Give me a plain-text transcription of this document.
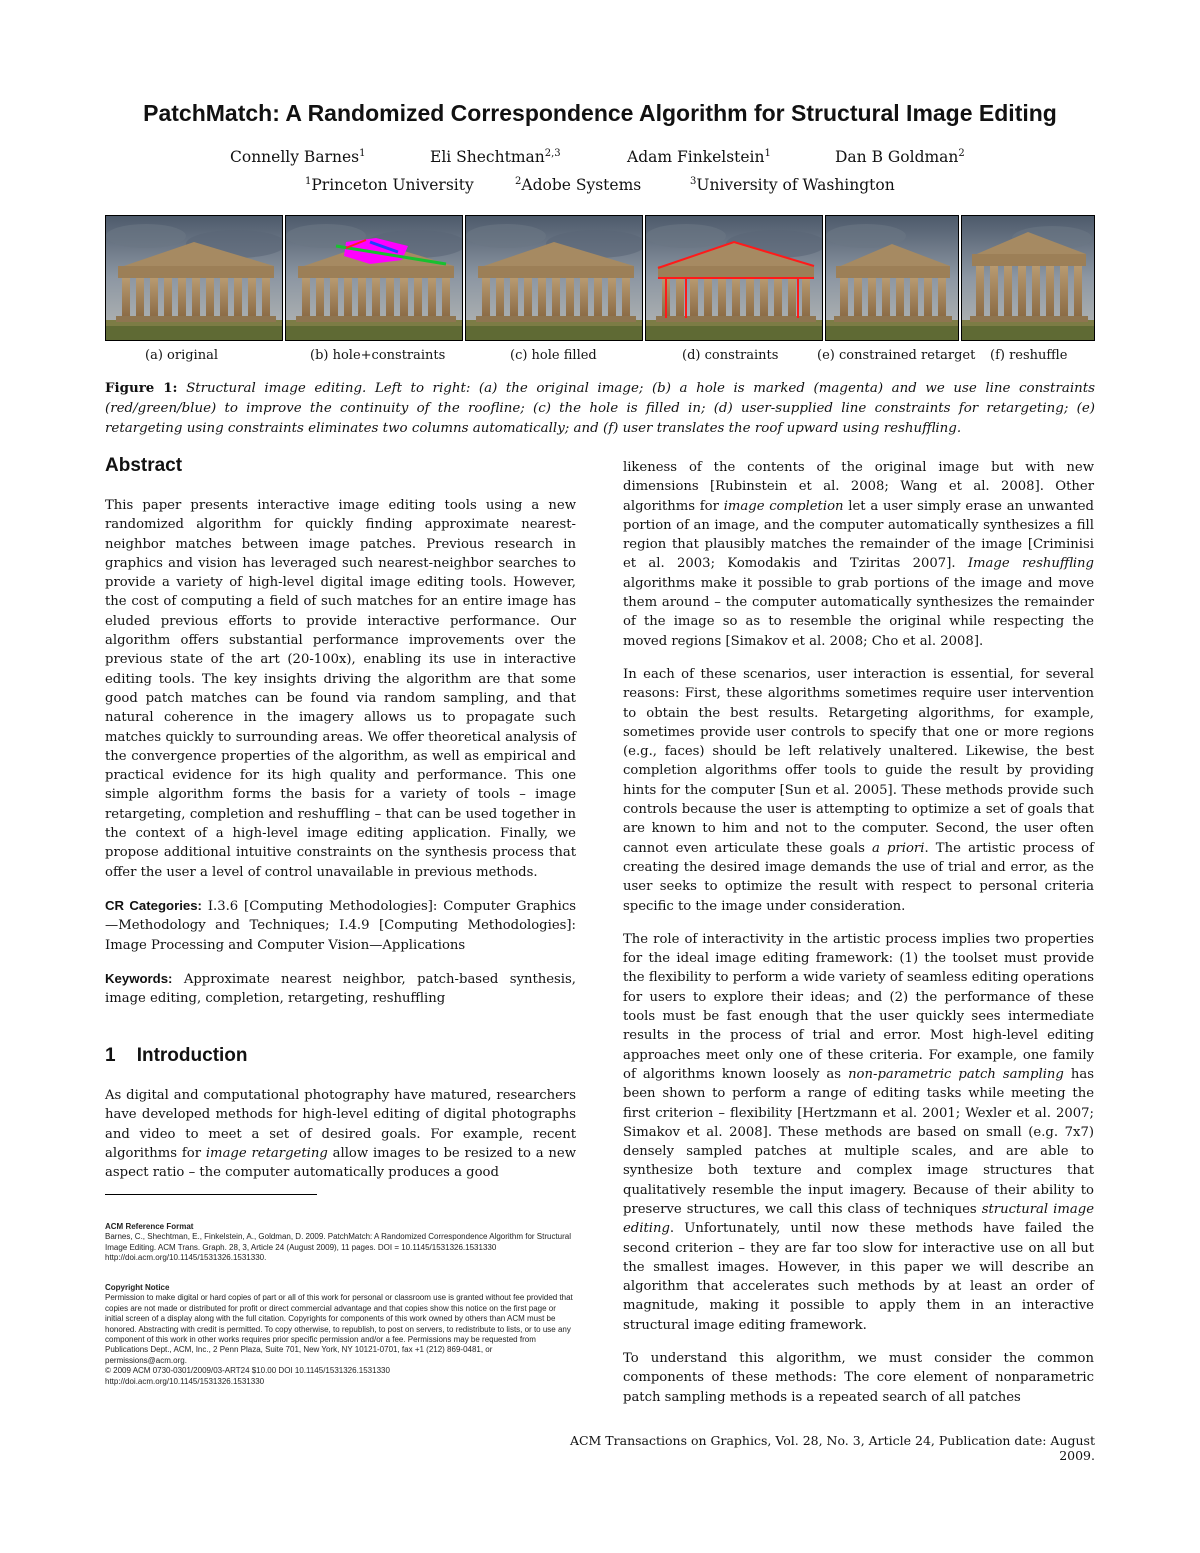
PatchMatch: A Randomized Correspondence Algorithm for Structural Image Editing
Connelly Barnes$^1$	Eli Shechtman$^{2,3}$	Adam Finkelstein$^1$	Dan B Goldman$^2$
$^1$Princeton University	$^2$Adobe Systems	$^3$University of Washington
(a) original	(b) hole+constraints	(c) hole filled	(d) constraints	(e) constrained retarget (f) reshuffle
Figure 1: Structural image editing. Left to right: (a) the original image; (b) a hole is marked (magenta) and we use line constraints (red/green/blue) to improve the continuity of the roofline; (c) the hole is filled in; (d) user-supplied line constraints for retargeting; (e) retargeting using constraints eliminates two columns automatically; and (f) user translates the roof upward using reshuffling.
Abstract

This paper presents interactive image editing tools using a new randomized algorithm for quickly finding approximate nearest-neighbor matches between image patches. Previous research in graphics and vision has leveraged such nearest-neighbor searches to provide a variety of high-level digital image editing tools. However, the cost of computing a field of such matches for an entire image has eluded previous efforts to provide interactive performance. Our algorithm offers substantial performance improvements over the previous state of the art (20-100x), enabling its use in interactive editing tools. The key insights driving the algorithm are that some good patch matches can be found via random sampling, and that natural coherence in the imagery allows us to propagate such matches quickly to surrounding areas. We offer theoretical analysis of the convergence properties of the algorithm, as well as empirical and practical evidence for its high quality and performance. This one simple algorithm forms the basis for a variety of tools – image retargeting, completion and reshuffling – that can be used together in the context of a high-level image editing application. Finally, we propose additional intuitive constraints on the synthesis process that offer the user a level of control unavailable in previous methods.

CR Categories: I.3.6 [Computing Methodologies]: Computer Graphics—Methodology and Techniques; I.4.9 [Computing Methodologies]: Image Processing and Computer Vision—Applications

Keywords: Approximate nearest neighbor, patch-based synthesis, image editing, completion, retargeting, reshuffling

1 Introduction

As digital and computational photography have matured, researchers have developed methods for high-level editing of digital photographs and video to meet a set of desired goals. For example, recent algorithms for image retargeting allow images to be resized to a new aspect ratio – the computer automatically produces a good

ACM Reference Format
Barnes, C., Shechtman, E., Finkelstein, A., Goldman, D. 2009. PatchMatch: A Randomized Correspondence Algorithm for Structural Image Editing. ACM Trans. Graph. 28, 3, Article 24 (August 2009), 11 pages. DOI = 10.1145/1531326.1531330 http://doi.acm.org/10.1145/1531326.1531330.
Copyright Notice
Permission to make digital or hard copies of part or all of this work for personal or classroom use is granted without fee provided that copies are not made or distributed for profit or direct commercial advantage and that copies show this notice on the first page or initial screen of a display along with the full citation. Copyrights for components of this work owned by others than ACM must be honored. Abstracting with credit is permitted. To copy otherwise, to republish, to post on servers, to redistribute to lists, or to use any component of this work in other works requires prior specific permission and/or a fee. Permissions may be requested from Publications Dept., ACM, Inc., 2 Penn Plaza, Suite 701, New York, NY 10121-0701, fax +1 (212) 869-0481, or permissions@acm.org.
© 2009 ACM 0730-0301/2009/03-ART24 $10.00 DOI 10.1145/1531326.1531330
http://doi.acm.org/10.1145/1531326.1531330

likeness of the contents of the original image but with new dimensions [Rubinstein et al. 2008; Wang et al. 2008]. Other algorithms for image completion let a user simply erase an unwanted portion of an image, and the computer automatically synthesizes a fill region that plausibly matches the remainder of the image [Criminisi et al. 2003; Komodakis and Tziritas 2007]. Image reshuffling algorithms make it possible to grab portions of the image and move them around – the computer automatically synthesizes the remainder of the image so as to resemble the original while respecting the moved regions [Simakov et al. 2008; Cho et al. 2008].

In each of these scenarios, user interaction is essential, for several reasons: First, these algorithms sometimes require user intervention to obtain the best results. Retargeting algorithms, for example, sometimes provide user controls to specify that one or more regions (e.g., faces) should be left relatively unaltered. Likewise, the best completion algorithms offer tools to guide the result by providing hints for the computer [Sun et al. 2005]. These methods provide such controls because the user is attempting to optimize a set of goals that are known to him and not to the computer. Second, the user often cannot even articulate these goals a priori. The artistic process of creating the desired image demands the use of trial and error, as the user seeks to optimize the result with respect to personal criteria specific to the image under consideration.

The role of interactivity in the artistic process implies two properties for the ideal image editing framework: (1) the toolset must provide the flexibility to perform a wide variety of seamless editing operations for users to explore their ideas; and (2) the performance of these tools must be fast enough that the user quickly sees intermediate results in the process of trial and error. Most high-level editing approaches meet only one of these criteria. For example, one family of algorithms known loosely as non-parametric patch sampling has been shown to perform a range of editing tasks while meeting the first criterion – flexibility [Hertzmann et al. 2001; Wexler et al. 2007; Simakov et al. 2008]. These methods are based on small (e.g. 7x7) densely sampled patches at multiple scales, and are able to synthesize both texture and complex image structures that qualitatively resemble the input imagery. Because of their ability to preserve structures, we call this class of techniques structural image editing. Unfortunately, until now these methods have failed the second criterion – they are far too slow for interactive use on all but the smallest images. However, in this paper we will describe an algorithm that accelerates such methods by at least an order of magnitude, making it possible to apply them in an interactive structural image editing framework.

To understand this algorithm, we must consider the common components of these methods: The core element of nonparametric patch sampling methods is a repeated search of all patches

ACM Transactions on Graphics, Vol. 28, No. 3, Article 24, Publication date: August 2009.
